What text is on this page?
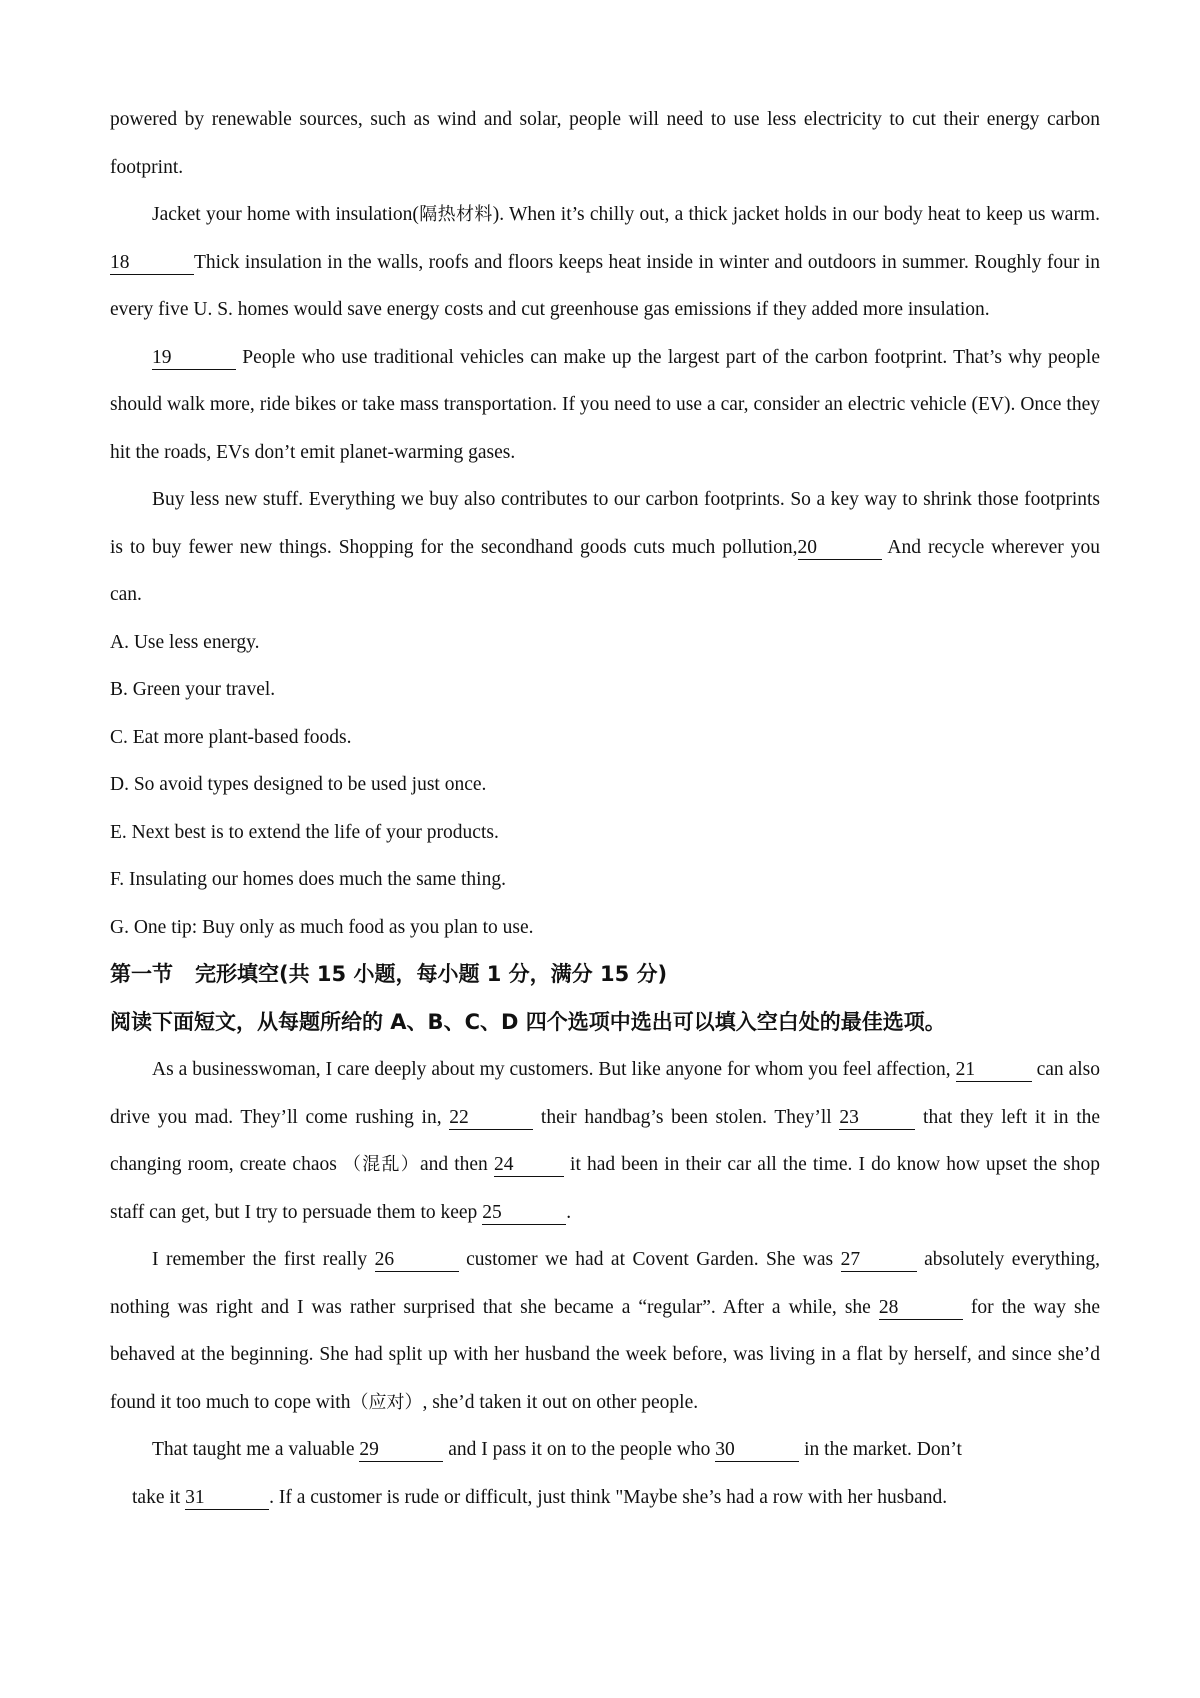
powered by renewable sources, such as wind and solar, people will need to use less electricity to cut their energy carbon footprint.

Jacket your home with insulation(隔热材料). When it’s chilly out, a thick jacket holds in our body heat to keep us warm.18	Thick insulation in the walls, roofs and floors keeps heat inside in winter and outdoors in summer. Roughly four in every five U. S. homes would save energy costs and cut greenhouse gas emissions if they added more insulation.

19	People who use traditional vehicles can make up the largest part of the carbon footprint. That’s why people should walk more, ride bikes or take mass transportation. If you need to use a car, consider an electric vehicle (EV). Once they hit the roads, EVs don’t emit planet-warming gases.

Buy less new stuff. Everything we buy also contributes to our carbon footprints. So a key way to shrink those footprints is to buy fewer new things. Shopping for the secondhand goods cuts much pollution,20	And recycle wherever you can.

A. Use less energy.

B. Green your travel.

C. Eat more plant-based foods.

D. So avoid types designed to be used just once.

E. Next best is to extend the life of your products.

F. Insulating our homes does much the same thing.

G. One tip: Buy only as much food as you plan to use.

第一节 完形填空(共 15 小题，每小题 1 分，满分 15 分)

阅读下面短文，从每题所给的 A、B、C、D 四个选项中选出可以填入空白处的最佳选项。

As a businesswoman, I care deeply about my customers. But like anyone for whom you feel affection, 21	can also drive you mad. They’ll come rushing in, 22	their handbag’s been stolen. They’ll 23	that they left it in the changing room, create chaos （混乱）and then 24	it had been in their car all the time. I do know how upset the shop staff can get, but I try to persuade them to keep 25	.

I remember the first really 26	customer we had at Covent Garden. She was 27	absolutely everything, nothing was right and I was rather surprised that she became a “regular”. After a while, she 28	for the way she behaved at the beginning. She had split up with her husband the week before, was living in a flat by herself, and since she’d found it too much to cope with（应对）, she’d taken it out on other people.

That taught me a valuable 29	and I pass it on to the people who 30	in the market. Don’t

take it 31	. If a customer is rude or difficult, just think "Maybe she’s had a row with her husband.
